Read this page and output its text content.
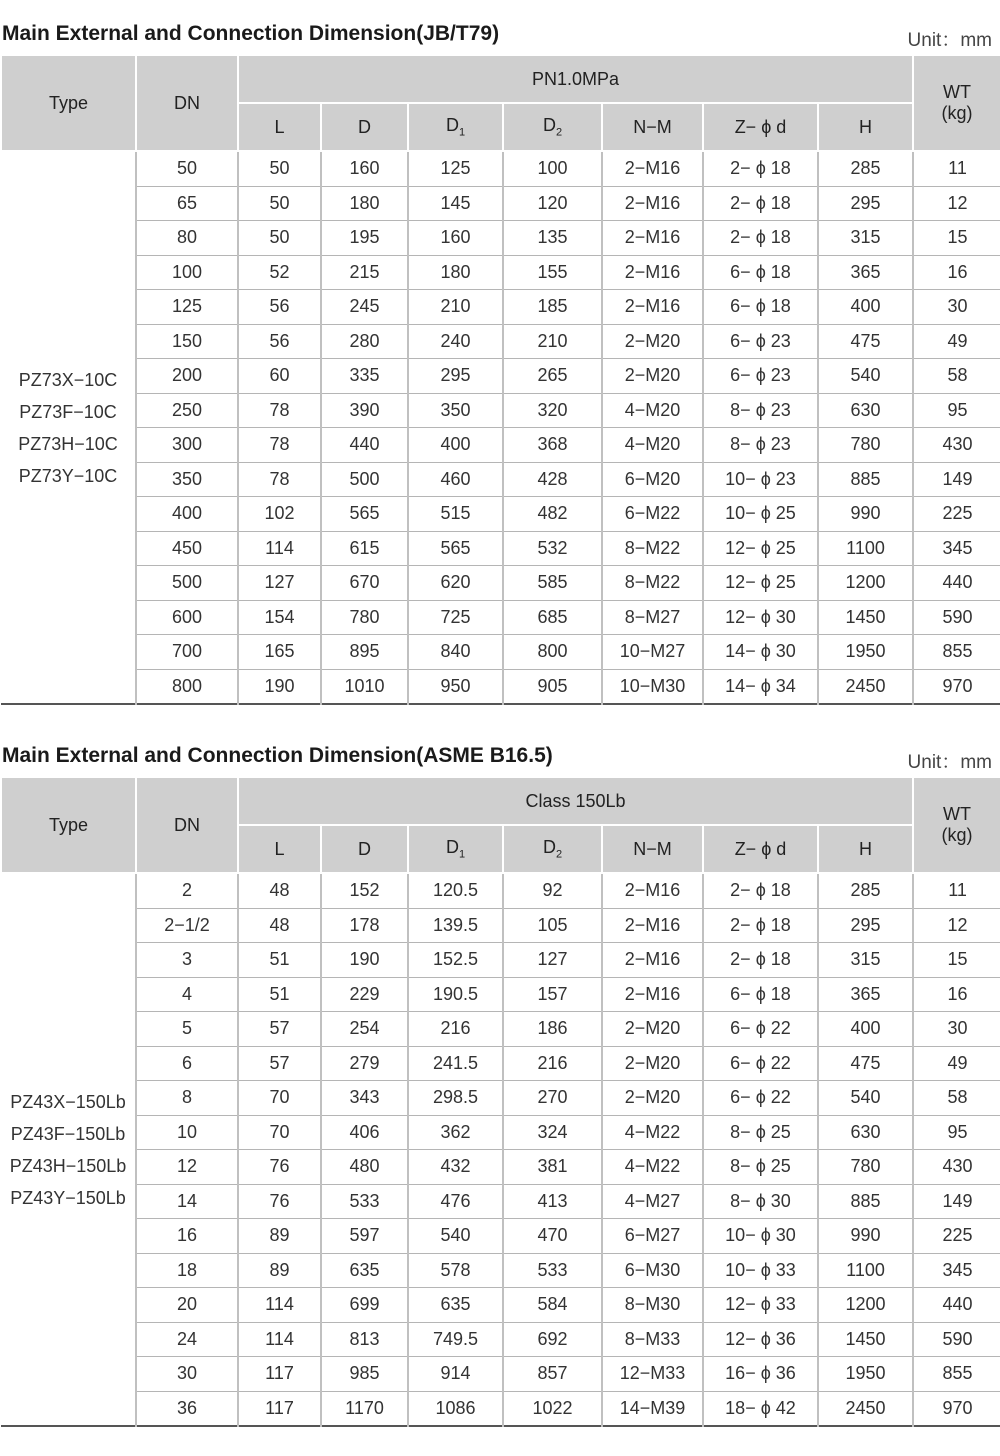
Main External and Connection Dimension(JB/T79)	Unit：mm
Type	DN	PN1.0MPa							WT
(kg)
		L	D	$D_1$	$D_2$	N−M	Z− ϕ d	H	

PZ73X−10C
PZ73F−10C
PZ73H−10C
PZ73Y−10C	50	50	160	125	100	2−M16	2− ϕ 18	285	11
	65	50	180	145	120	2−M16	2− ϕ 18	295	12
	80	50	195	160	135	2−M16	2− ϕ 18	315	15
	100	52	215	180	155	2−M16	6− ϕ 18	365	16
	125	56	245	210	185	2−M16	6− ϕ 18	400	30
	150	56	280	240	210	2−M20	6− ϕ 23	475	49
	200	60	335	295	265	2−M20	6− ϕ 23	540	58
	250	78	390	350	320	4−M20	8− ϕ 23	630	95
	300	78	440	400	368	4−M20	8− ϕ 23	780	430
	350	78	500	460	428	6−M20	10− ϕ 23	885	149
	400	102	565	515	482	6−M22	10− ϕ 25	990	225
	450	114	615	565	532	8−M22	12− ϕ 25	1100	345
	500	127	670	620	585	8−M22	12− ϕ 25	1200	440
	600	154	780	725	685	8−M27	12− ϕ 30	1450	590
	700	165	895	840	800	10−M27	14− ϕ 30	1950	855
	800	190	1010	950	905	10−M30	14− ϕ 34	2450	970
Main External and Connection Dimension(ASME B16.5)	Unit：mm
Type	DN	Class 150Lb							WT
(kg)
		L	D	$D_1$	$D_2$	N−M	Z− ϕ d	H	

PZ43X−150Lb
PZ43F−150Lb
PZ43H−150Lb
PZ43Y−150Lb	2	48	152	120.5	92	2−M16	2− ϕ 18	285	11
	2−1/2	48	178	139.5	105	2−M16	2− ϕ 18	295	12
	3	51	190	152.5	127	2−M16	2− ϕ 18	315	15
	4	51	229	190.5	157	2−M16	6− ϕ 18	365	16
	5	57	254	216	186	2−M20	6− ϕ 22	400	30
	6	57	279	241.5	216	2−M20	6− ϕ 22	475	49
	8	70	343	298.5	270	2−M20	6− ϕ 22	540	58
	10	70	406	362	324	4−M22	8− ϕ 25	630	95
	12	76	480	432	381	4−M22	8− ϕ 25	780	430
	14	76	533	476	413	4−M27	8− ϕ 30	885	149
	16	89	597	540	470	6−M27	10− ϕ 30	990	225
	18	89	635	578	533	6−M30	10− ϕ 33	1100	345
	20	114	699	635	584	8−M30	12− ϕ 33	1200	440
	24	114	813	749.5	692	8−M33	12− ϕ 36	1450	590
	30	117	985	914	857	12−M33	16− ϕ 36	1950	855
	36	117	1170	1086	1022	14−M39	18− ϕ 42	2450	970
